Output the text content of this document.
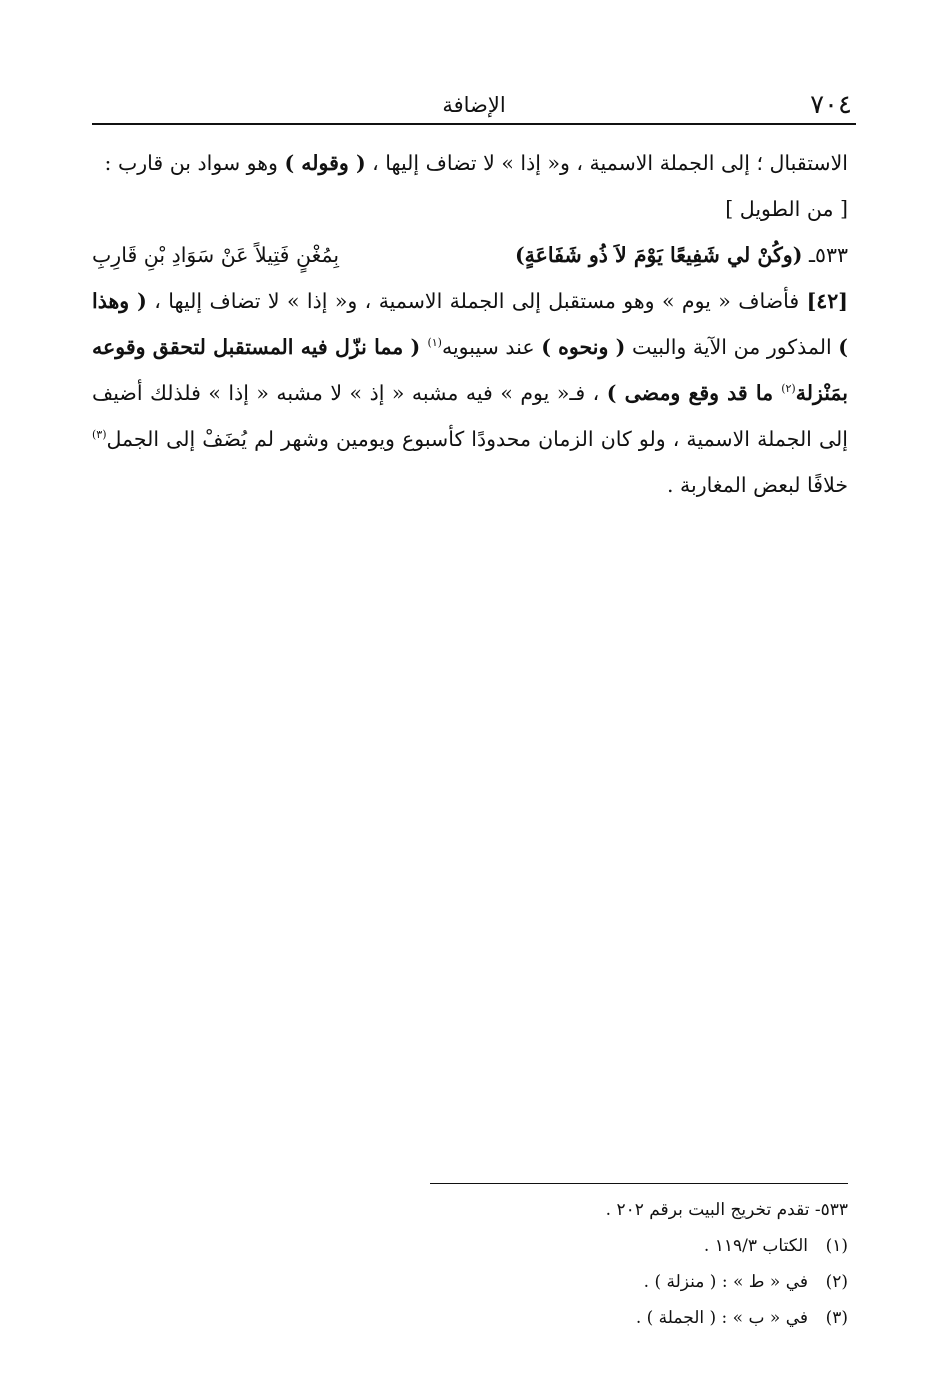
٧٠٤
الإضافة

الاستقبال ؛ إلى الجملة الاسمية ، و« إذا » لا تضاف إليها ، ( وقوله ) وهو سواد بن قارب :

[ من الطويل ]

٥٣٣ـ (وكُنْ لي شَفِيعًا يَوْمَ لاَ ذُو شَفَاعَةٍ)
بِمُغْنٍ فَتِيلاً عَنْ سَوَادِ بْنِ قَارِبِ

[٤٢] فأضاف « يوم » وهو مستقبل إلى الجملة الاسمية ، و« إذا » لا تضاف إليها ، ( وهذا ) المذكور من الآية والبيت ( ونحوه ) عند سيبويه$^{(١)}$ ( مما نزّل فيه المستقبل لتحقق وقوعه بمَنْزلة$^{(٢)}$ ما قد وقع ومضى ) ، فـ« يوم » فيه مشبه « إذ » لا مشبه « إذا » فلذلك أضيف إلى الجملة الاسمية ، ولو كان الزمان محدودًا كأسبوع ويومين وشهر لم يُضَفْ إلى الجمل$^{(٣)}$ خلافًا لبعض المغاربة .

٥٣٣- تقدم تخريج البيت برقم ٢٠٢ .
(١)الكتاب ١١٩/٣ .
(٢)في « ط » : ( منزلة ) .
(٣)في « ب » : ( الجملة ) .
